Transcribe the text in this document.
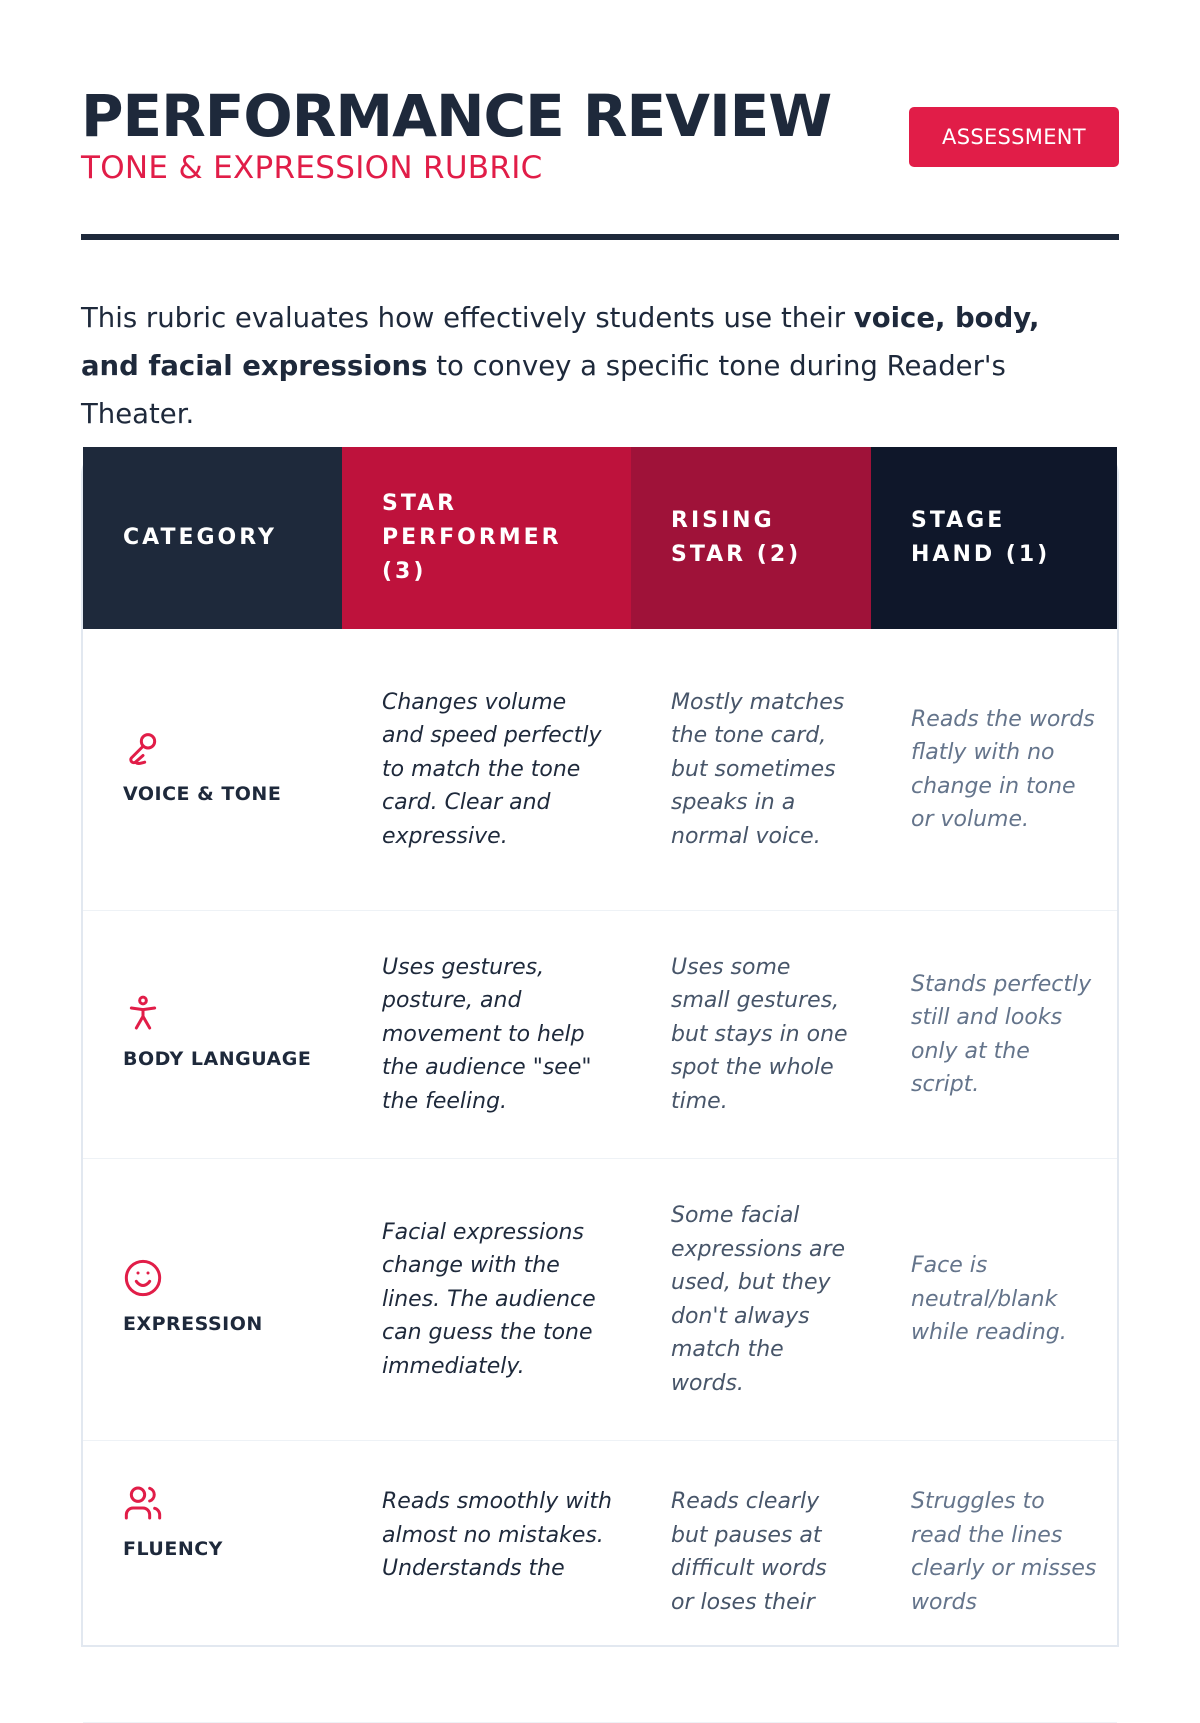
PERFORMANCE REVIEW
TONE & EXPRESSION RUBRIC
ASSESSMENT

This rubric evaluates how effectively students use their voice, body, and facial expressions to convey a specific tone during Reader's Theater.

CATEGORY
STAR PERFORMER (3)
RISING STAR (2)
STAGE HAND (1)
VOICE & TONE
Changes volume and speed perfectly to match the tone card. Clear and expressive.
Mostly matches the tone card, but sometimes speaks in a normal voice.
Reads the words flatly with no change in tone or volume.
BODY LANGUAGE
Uses gestures, posture, and movement to help the audience "see" the feeling.
Uses some small gestures, but stays in one spot the whole time.
Stands perfectly still and looks only at the script.
EXPRESSION
Facial expressions change with the lines. The audience can guess the tone immediately.
Some facial expressions are used, but they don't always match the words.
Face is neutral/blank while reading.
FLUENCY
Reads smoothly with almost no mistakes. Understands the
Reads clearly but pauses at difficult words or loses their
Struggles to read the lines clearly or misses words
